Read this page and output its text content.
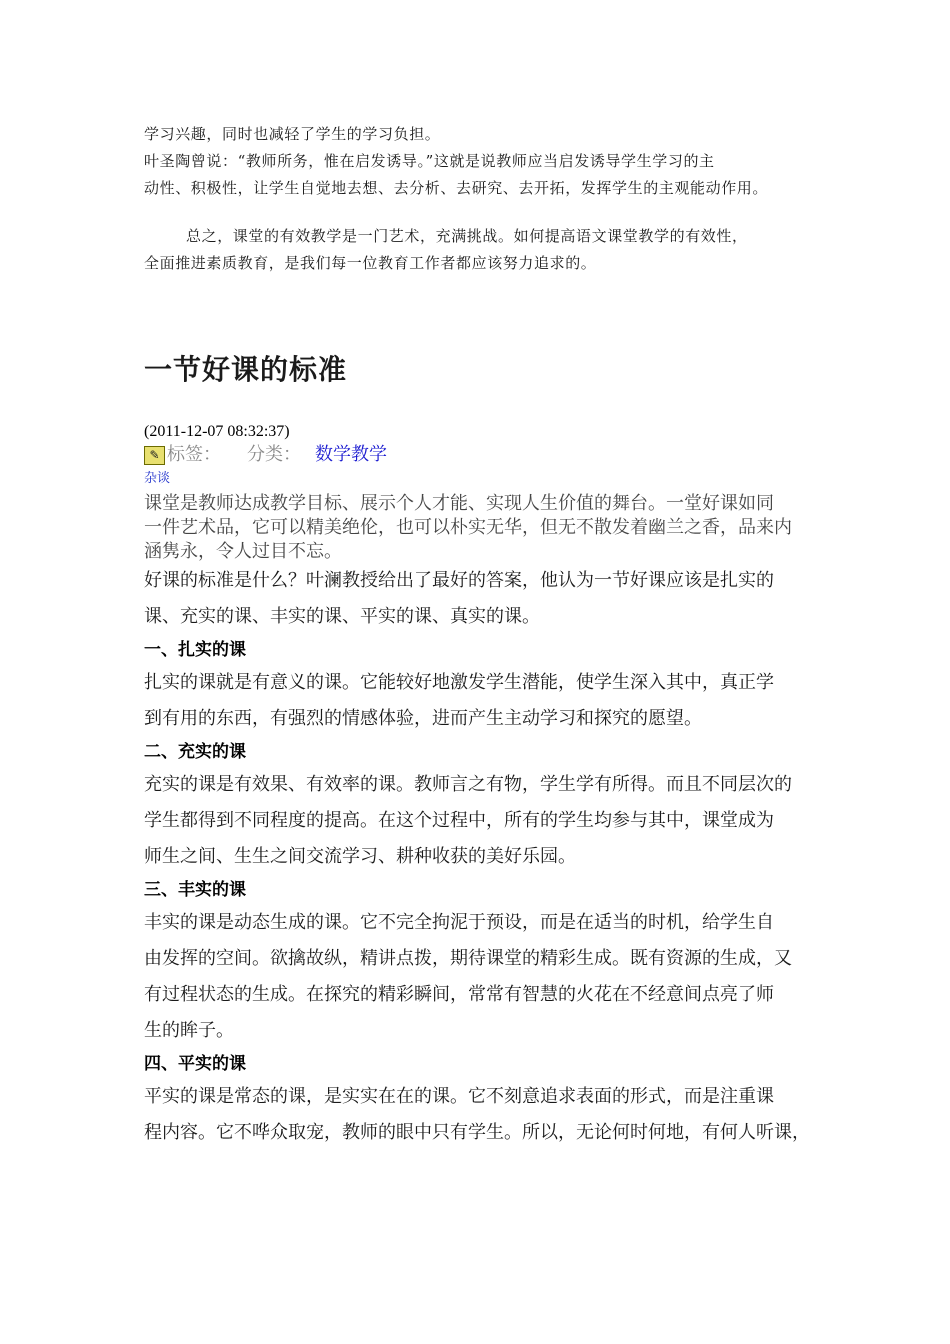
学习兴趣，同时也减轻了学生的学习负担。
叶圣陶曾说：“教师所务，惟在启发诱导。”这就是说教师应当启发诱导学生学习的主
动性、积极性，让学生自觉地去想、去分析、去研究、去开拓，发挥学生的主观能动作用。
总之，课堂的有效教学是一门艺术，充满挑战。如何提高语文课堂教学的有效性，
全面推进素质教育，是我们每一位教育工作者都应该努力追求的。
一节好课的标准
(2011-12-07 08:32:37)
✎ 标签： 分类： 数学教学
杂谈

课堂是教师达成教学目标、展示个人才能、实现人生价值的舞台。一堂好课如同

一件艺术品，它可以精美绝伦，也可以朴实无华，但无不散发着幽兰之香，品来内

涵隽永，令人过目不忘。

好课的标准是什么？叶澜教授给出了最好的答案，他认为一节好课应该是扎实的

课、充实的课、丰实的课、平实的课、真实的课。

一、扎实的课

扎实的课就是有意义的课。它能较好地激发学生潜能，使学生深入其中，真正学

到有用的东西，有强烈的情感体验，进而产生主动学习和探究的愿望。

二、充实的课

充实的课是有效果、有效率的课。教师言之有物，学生学有所得。而且不同层次的

学生都得到不同程度的提高。在这个过程中，所有的学生均参与其中，课堂成为

师生之间、生生之间交流学习、耕种收获的美好乐园。

三、丰实的课

丰实的课是动态生成的课。它不完全拘泥于预设，而是在适当的时机，给学生自

由发挥的空间。欲擒故纵，精讲点拨，期待课堂的精彩生成。既有资源的生成，又

有过程状态的生成。在探究的精彩瞬间，常常有智慧的火花在不经意间点亮了师

生的眸子。

四、平实的课

平实的课是常态的课，是实实在在的课。它不刻意追求表面的形式，而是注重课

程内容。它不哗众取宠，教师的眼中只有学生。所以，无论何时何地，有何人听课，
